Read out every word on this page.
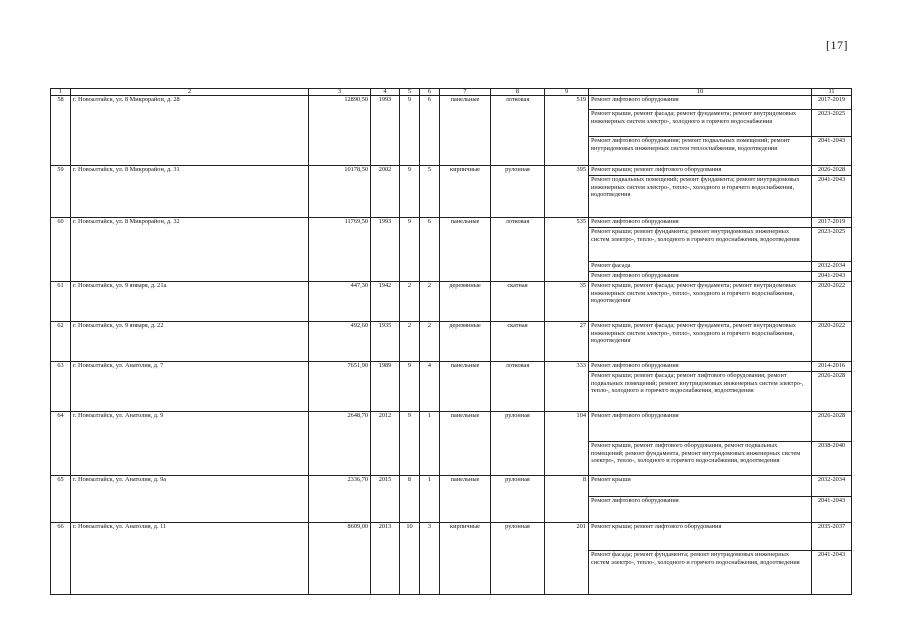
[17]
1	2	3	4	5	6	7	8	9	10	11
58	г. Новоалтайск, ул. 8 Микрорайон, д. 28	12890,50	1993	9	6	панельные	лотковая	519	Ремонт лифтового оборудования	2017-2019
									Ремонт крыши, ремонт фасада; ремонт фундамента; ремонт внутридомовых инженерных систем электро-, холодного и горячего водоснабжения	2023-2025
									Ремонт лифтового оборудования; ремонт подвальных помещений; ремонт внутридомовых инженерных систем теплоснабжения, водоотведения	2041-2043
59	г. Новоалтайск, ул. 8 Микрорайон, д. 31	10178,50	2002	9	5	кирпичные	рулонная	395	Ремонт крыши; ремонт лифтового оборудования	2026-2028
									Ремонт подвальных помещений; ремонт фундамента; ремонт внутридомовых инженерных систем электро-, тепло-, холодного и горячего водоснабжения, водоотведения	2041-2043
60	г. Новоалтайск, ул. 8 Микрорайон, д. 32	11769,50	1993	9	6	панельные	лотковая	535	Ремонт лифтового оборудования	2017-2019
									Ремонт крыши; ремонт фундамента; ремонт внутридомовых инженерных систем электро-, тепло-, холодного и горячего водоснабжения, водоотведения	2023-2025
									Ремонт фасада	2032-2034
									Ремонт лифтового оборудования	2041-2043
61	г. Новоалтайск, ул. 9 января, д. 21а	447,30	1942	2	2	деревянные	скатная	35	Ремонт крыши, ремонт фасада; ремонт фундамента; ремонт внутридомовых инженерных систем электро-, тепло-, холодного и горячего водоснабжения, водоотведения	2020-2022
62	г. Новоалтайск, ул. 9 января, д. 22	492,60	1935	2	2	деревянные	скатная	27	Ремонт крыши, ремонт фасада; ремонт фундамента, ремонт внутридомовых инженерных систем электро-, тепло-, холодного и горячего водоснабжения, водоотведения	2020-2022
63	г. Новоалтайск, ул. Анатолия, д. 7	7651,90	1989	9	4	панельные	лотковая	333	Ремонт лифтового оборудования	2014-2016
									Ремонт крыши; ремонт фасада; ремонт лифтового оборудования; ремонт подвальных помещений; ремонт внутридомовых инженерных систем электро-, тепло-, холодного и горячего водоснабжения, водоотведения	2026-2028
64	г. Новоалтайск, ул. Анатолия, д. 9	2648,70	2012	9	1	панельные	рулонная	104	Ремонт лифтового оборудования	2026-2028
									Ремонт крыши, ремонт лифтового оборудования, ремонт подвальных помещений; ремонт фундамента, ремонт внутридомовых инженерных систем электро-, тепло-, холодного и горячего водоснабжения, водоотведения	2038-2040
65	г. Новоалтайск, ул. Анатолия, д. 9а	2336,70	2015	8	1	панельные	рулонная	8	Ремонт крыши	2032-2034
									Ремонт лифтового оборудования	2041-2043
66	г. Новоалтайск, ул. Анатолия, д. 11	8609,00	2013	10	3	кирпичные	рулонная	201	Ремонт крыши; ремонт лифтового оборудования	2035-2037
									Ремонт фасада; ремонт фундамента; ремонт внутридомовых инженерных систем электро-, тепло-, холодного и горячего водоснабжения, водоотведения	2041-2043
